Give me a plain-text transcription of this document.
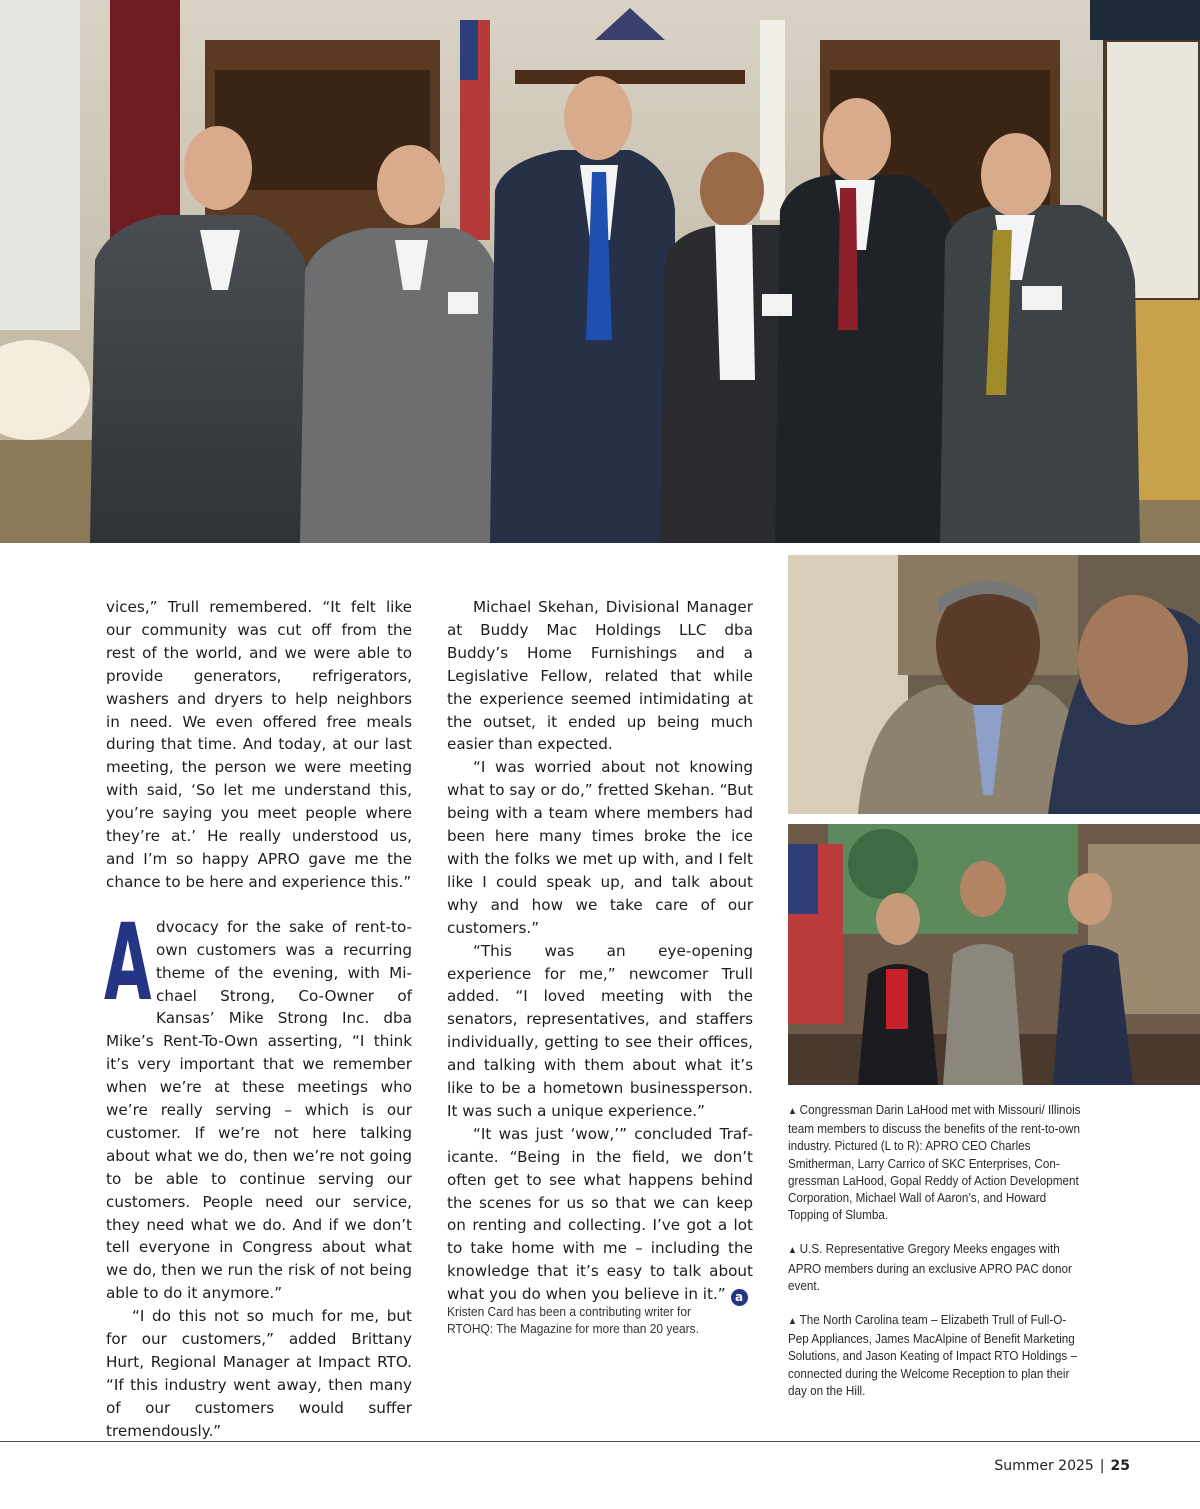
vices,” Trull remembered. “It felt like our community was cut off from the rest of the world, and we were able to provide generators, refrigerators, washers and dryers to help neighbors in need. We even offered free meals during that time. And today, at our last meeting, the person we were meeting with said, ‘So let me understand this, you’re saying you meet people where they’re at.’ He really understood us, and I’m so happy APRO gave me the chance to be here and experience this.”

Advocacy for the sake of rent-to-own customers was a recurring theme of the evening, with Michael Strong, Co-Owner of Kansas’ Mike Strong Inc. dba Mike’s Rent-To-Own asserting, “I think it’s very important that we remember when we’re at these meetings who we’re really serving – which is our customer. If we’re not here talking about what we do, then we’re not going to be able to continue serving our customers. People need our service, they need what we do. And if we don’t tell everyone in Congress about what we do, then we run the risk of not being able to do it anymore.”

“I do this not so much for me, but for our customers,” added Brittany Hurt, Regional Manager at Impact RTO. “If this industry went away, then many of our customers would suffer tremendously.”

Michael Skehan, Divisional Manager at Buddy Mac Holdings LLC dba Buddy’s Home Furnishings and a Legislative Fellow, related that while the experience seemed intimidating at the outset, it ended up being much easier than expected.

“I was worried about not knowing what to say or do,” fretted Skehan. “But being with a team where members had been here many times broke the ice with the folks we met up with, and I felt like I could speak up, and talk about why and how we take care of our customers.”

“This was an eye-opening experience for me,” newcomer Trull added. “I loved meeting with the senators, representatives, and staffers individually, getting to see their offices, and talking with them about what it’s like to be a hometown businessperson. It was such a unique experience.”

“It was just ‘wow,’” concluded Traficante. “Being in the field, we don’t often get to see what happens behind the scenes for us so that we can keep on renting and collecting. I’ve got a lot to take home with me – including the knowledge that it’s easy to talk about what you do when you believe in it.” a

Kristen Card has been a contributing writer for RTOHQ: The Magazine for more than 20 years.

▲ Congressman Darin LaHood met with Missouri/ Illinois team members to discuss the benefits of the rent-to-own industry. Pictured (L to R): APRO CEO Charles Smitherman, Larry Carrico of SKC Enterprises, Congressman LaHood, Gopal Reddy of Action Development Corporation, Michael Wall of Aaron’s, and Howard Topping of Slumba.

▲ U.S. Representative Gregory Meeks engages with APRO members during an exclusive APRO PAC donor event.

▲ The North Carolina team – Elizabeth Trull of Full-O-Pep Appliances, James MacAlpine of Benefit Marketing Solutions, and Jason Keating of Impact RTO Holdings – connected during the Welcome Reception to plan their day on the Hill.

Summer 2025 | 25
